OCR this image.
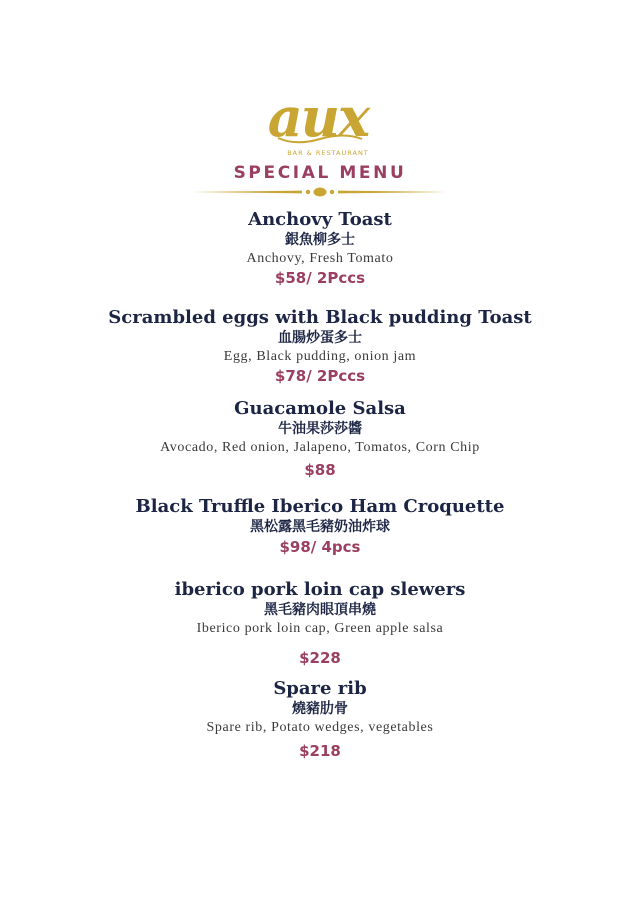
aux
BAR & RESTAURANT
SPECIAL MENU
Anchovy Toast
銀魚柳多士
Anchovy, Fresh Tomato
$58/ 2Pccs
Scrambled eggs with Black pudding Toast
血腸炒蛋多士
Egg, Black pudding, onion jam
$78/ 2Pccs
Guacamole Salsa
牛油果莎莎醬
Avocado, Red onion, Jalapeno, Tomatos, Corn Chip
$88
Black Truffle Iberico Ham Croquette
黑松露黑毛豬奶油炸球
$98/ 4pcs
iberico pork loin cap slewers
黑毛豬肉眼頂串燒
Iberico pork loin cap, Green apple salsa
$228
Spare rib
燒豬肋骨
Spare rib, Potato wedges, vegetables
$218
